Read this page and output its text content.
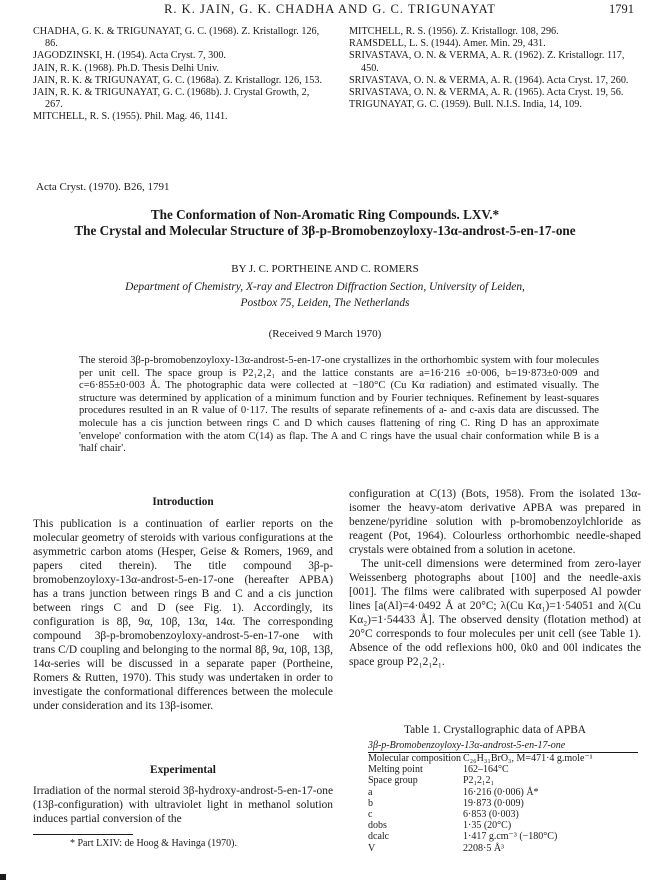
R. K. JAIN, G. K. CHADHA AND G. C. TRIGUNAYAT	1791
CHADHA, G. K. & TRIGUNAYAT, G. C. (1968). Z. Kristallogr. 126, 86.
JAGODZINSKI, H. (1954). Acta Cryst. 7, 300.
JAIN, R. K. (1968). Ph.D. Thesis Delhi Univ.
JAIN, R. K. & TRIGUNAYAT, G. C. (1968a). Z. Kristallogr. 126, 153.
JAIN, R. K. & TRIGUNAYAT, G. C. (1968b). J. Crystal Growth, 2, 267.
MITCHELL, R. S. (1955). Phil. Mag. 46, 1141.
MITCHELL, R. S. (1956). Z. Kristallogr. 108, 296.
RAMSDELL, L. S. (1944). Amer. Min. 29, 431.
SRIVASTAVA, O. N. & VERMA, A. R. (1962). Z. Kristallogr. 117, 450.
SRIVASTAVA, O. N. & VERMA, A. R. (1964). Acta Cryst. 17, 260.
SRIVASTAVA, O. N. & VERMA, A. R. (1965). Acta Cryst. 19, 56.
TRIGUNAYAT, G. C. (1959). Bull. N.I.S. India, 14, 109.
Acta Cryst. (1970). B26, 1791
The Conformation of Non-Aromatic Ring Compounds. LXV.*
The Crystal and Molecular Structure of 3β-p-Bromobenzoyloxy-13α-androst-5-en-17-one
BY J. C. PORTHEINE AND C. ROMERS
Department of Chemistry, X-ray and Electron Diffraction Section, University of Leiden,
Postbox 75, Leiden, The Netherlands
(Received 9 March 1970)
The steroid 3β-p-bromobenzoyloxy-13α-androst-5-en-17-one crystallizes in the orthorhombic system with four molecules per unit cell. The space group is P2₁2₁2₁ and the lattice constants are a=16·216 ±0·006, b=19·873±0·009 and c=6·855±0·003 Å. The photographic data were collected at −180°C (Cu Kα radiation) and estimated visually. The structure was determined by application of a minimum function and by Fourier techniques. Refinement by least-squares procedures resulted in an R value of 0·117. The results of separate refinements of a- and c-axis data are discussed. The molecule has a cis junction between rings C and D which causes flattening of ring C. Ring D has an approximate 'envelope' conformation with the atom C(14) as flap. The A and C rings have the usual chair conformation while B is a 'half chair'.
Introduction
This publication is a continuation of earlier reports on the molecular geometry of steroids with various configurations at the asymmetric carbon atoms (Hesper, Geise & Romers, 1969, and papers cited therein). The title compound 3β-p-bromobenzoyloxy-13α-androst-5-en-17-one (hereafter APBA) has a trans junction between rings B and C and a cis junction between rings C and D (see Fig. 1). Accordingly, its configuration is 8β, 9α, 10β, 13α, 14α. The corresponding compound 3β-p-bromobenzoyloxy-androst-5-en-17-one with trans C/D coupling and belonging to the normal 8β, 9α, 10β, 13β, 14α-series will be discussed in a separate paper (Portheine, Romers & Rutten, 1970). This study was undertaken in order to investigate the conformational differences between the molecule under consideration and its 13β-isomer.
Experimental
Irradiation of the normal steroid 3β-hydroxy-androst-5-en-17-one (13β-configuration) with ultraviolet light in methanol solution induces partial conversion of the

configuration at C(13) (Bots, 1958). From the isolated 13α-isomer the heavy-atom derivative APBA was prepared in benzene/pyridine solution with p-bromobenzoylchloride as reagent (Pot, 1964). Colourless orthorhombic needle-shaped crystals were obtained from a solution in acetone.

The unit-cell dimensions were determined from zero-layer Weissenberg photographs about [100] and the needle-axis [001]. The films were calibrated with superposed Al powder lines [a(Al)=4·0492 Å at 20°C; λ(Cu Kα₁)=1·54051 and λ(Cu Kα₂)=1·54433 Å]. The observed density (flotation method) at 20°C corresponds to four molecules per unit cell (see Table 1). Absence of the odd reflexions h00, 0k0 and 00l indicates the space group P2₁2₁2₁.

Table 1. Crystallographic data of APBA
3β-p-Bromobenzoyloxy-13α-androst-5-en-17-one
Molecular composition C₂₆H₃₁BrO₃, M=471·4 g.mole⁻¹
Melting point	162–164°C
Space group	P2₁2₁2₁
a	16·216 (0·006) Å*
b	19·873 (0·009)
c	6·853 (0·003)
dobs	1·35 (20°C)
dcalc	1·417 g.cm⁻³ (−180°C)
V	2208·5 Å³
* Part LXIV: de Hoog & Havinga (1970).
